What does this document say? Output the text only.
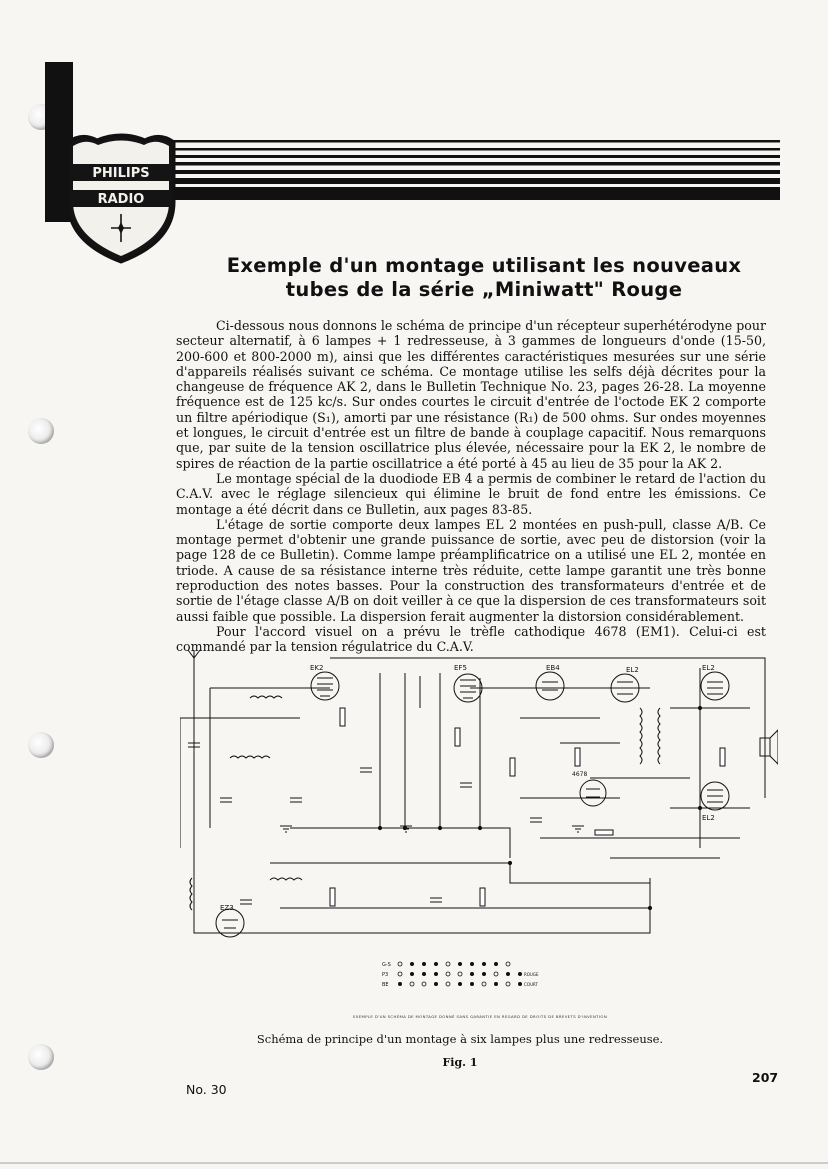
PHILIPS
RADIO
Exemple d'un montage utilisant les nouveaux
tubes de la série „Miniwatt" Rouge

Ci-dessous nous donnons le schéma de principe d'un récepteur superhétérodyne pour secteur alternatif, à 6 lampes + 1 redresseuse, à 3 gammes de longueurs d'onde (15-50, 200-600 et 800-2000 m), ainsi que les différentes caractéristiques mesurées sur une série d'appareils réalisés suivant ce schéma. Ce montage utilise les selfs déjà décrites pour la changeuse de fréquence AK 2, dans le Bulletin Technique No. 23, pages 26-28. La moyenne fréquence est de 125 kc/s. Sur ondes courtes le circuit d'entrée de l'octode EK 2 comporte un filtre apériodique (S₁), amorti par une résistance (R₁) de 500 ohms. Sur ondes moyennes et longues, le circuit d'entrée est un filtre de bande à couplage capacitif. Nous remarquons que, par suite de la tension oscillatrice plus élevée, nécessaire pour la EK 2, le nombre de spires de réaction de la partie oscillatrice a été porté à 45 au lieu de 35 pour la AK 2.

Le montage spécial de la duodiode EB 4 a permis de combiner le retard de l'action du C.A.V. avec le réglage silencieux qui élimine le bruit de fond entre les émissions. Ce montage a été décrit dans ce Bulletin, aux pages 83-85.

L'étage de sortie comporte deux lampes EL 2 montées en push-pull, classe A/B. Ce montage permet d'obtenir une grande puissance de sortie, avec peu de distorsion (voir la page 128 de ce Bulletin). Comme lampe préamplificatrice on a utilisé une EL 2, montée en triode. A cause de sa résistance interne très réduite, cette lampe garantit une très bonne reproduction des notes basses. Pour la construction des transformateurs d'entrée et de sortie de l'étage classe A/B on doit veiller à ce que la dispersion de ces transformateurs soit aussi faible que possible. La dispersion ferait augmenter la distorsion considérablement.

Pour l'accord visuel on a prévu le trèfle cathodique 4678 (EM1). Celui-ci est commandé par la tension régulatrice du C.A.V.

EK2	EF5	EB4	EL2	EL2
EL2
EZ3
4678
G-S
P3
BE
ROUGE
COURT
EXEMPLE D'UN SCHÉMA DE MONTAGE DONNÉ SANS GARANTIE EN REGARD DE DROITS DE BREVETS D'INVENTION
Schéma de principe d'un montage à six lampes plus une redresseuse.
Fig. 1
No. 30
207
